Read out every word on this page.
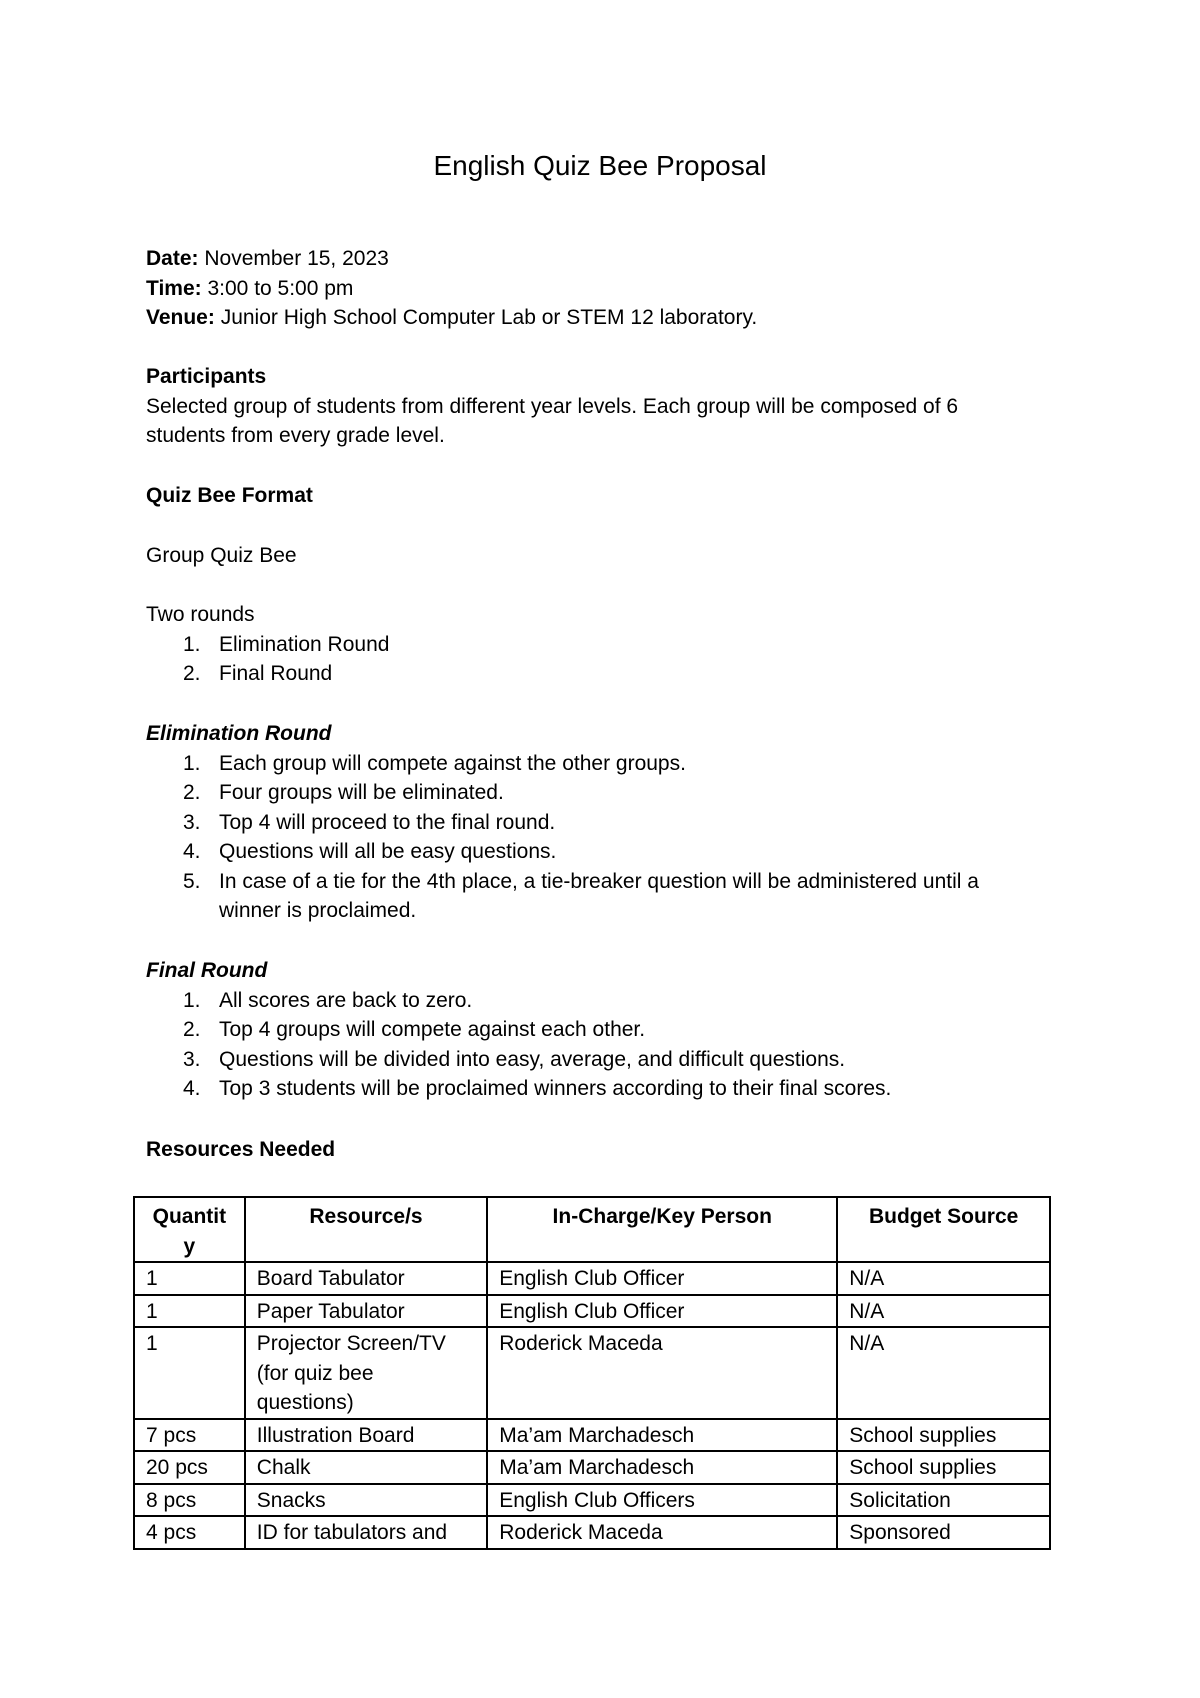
English Quiz Bee Proposal
Date: November 15, 2023
Time: 3:00 to 5:00 pm
Venue: Junior High School Computer Lab or STEM 12 laboratory.
Participants
Selected group of students from different year levels. Each group will be composed of 6
students from every grade level.
Quiz Bee Format
Group Quiz Bee
Two rounds
1. Elimination Round
2. Final Round
Elimination Round
1. Each group will compete against the other groups.
2. Four groups will be eliminated.
3. Top 4 will proceed to the final round.
4. Questions will all be easy questions.
5. In case of a tie for the 4th place, a tie-breaker question will be administered until a
winner is proclaimed.
Final Round
1. All scores are back to zero.
2. Top 4 groups will compete against each other.
3. Questions will be divided into easy, average, and difficult questions.
4. Top 3 students will be proclaimed winners according to their final scores.
Resources Needed
Quantit y	Resource/s	In-Charge/Key Person	Budget Source
1	Board Tabulator	English Club Officer	N/A
1	Paper Tabulator	English Club Officer	N/A
1	Projector Screen/TV (for quiz bee questions)	Roderick Maceda	N/A
7 pcs	Illustration Board	Ma’am Marchadesch	School supplies
20 pcs	Chalk	Ma’am Marchadesch	School supplies
8 pcs	Snacks	English Club Officers	Solicitation
4 pcs	ID for tabulators and	Roderick Maceda	Sponsored
